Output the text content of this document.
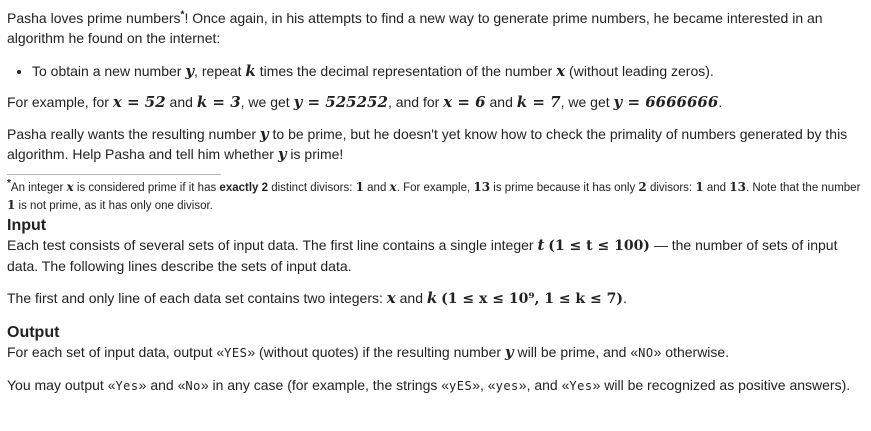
Pasha loves prime numbers*! Once again, in his attempts to find a new way to generate prime numbers, he became interested in an algorithm he found on the internet:

• To obtain a new number y, repeat k times the decimal representation of the number x (without leading zeros).

For example, for x = 52 and k = 3, we get y = 525252, and for x = 6 and k = 7, we get y = 6666666.

Pasha really wants the resulting number y to be prime, but he doesn't yet know how to check the primality of numbers generated by this algorithm. Help Pasha and tell him whether y is prime!

*An integer x is considered prime if it has exactly 2 distinct divisors: 1 and x. For example, 13 is prime because it has only 2 divisors: 1 and 13. Note that the number 1 is not prime, as it has only one divisor.

Input

Each test consists of several sets of input data. The first line contains a single integer t (1 ≤ t ≤ 100) — the number of sets of input data. The following lines describe the sets of input data.

The first and only line of each data set contains two integers: x and k (1 ≤ x ≤ 10⁹, 1 ≤ k ≤ 7).

Output

For each set of input data, output «YES» (without quotes) if the resulting number y will be prime, and «NO» otherwise.

You may output «Yes» and «No» in any case (for example, the strings «yES», «yes», and «Yes» will be recognized as positive answers).
